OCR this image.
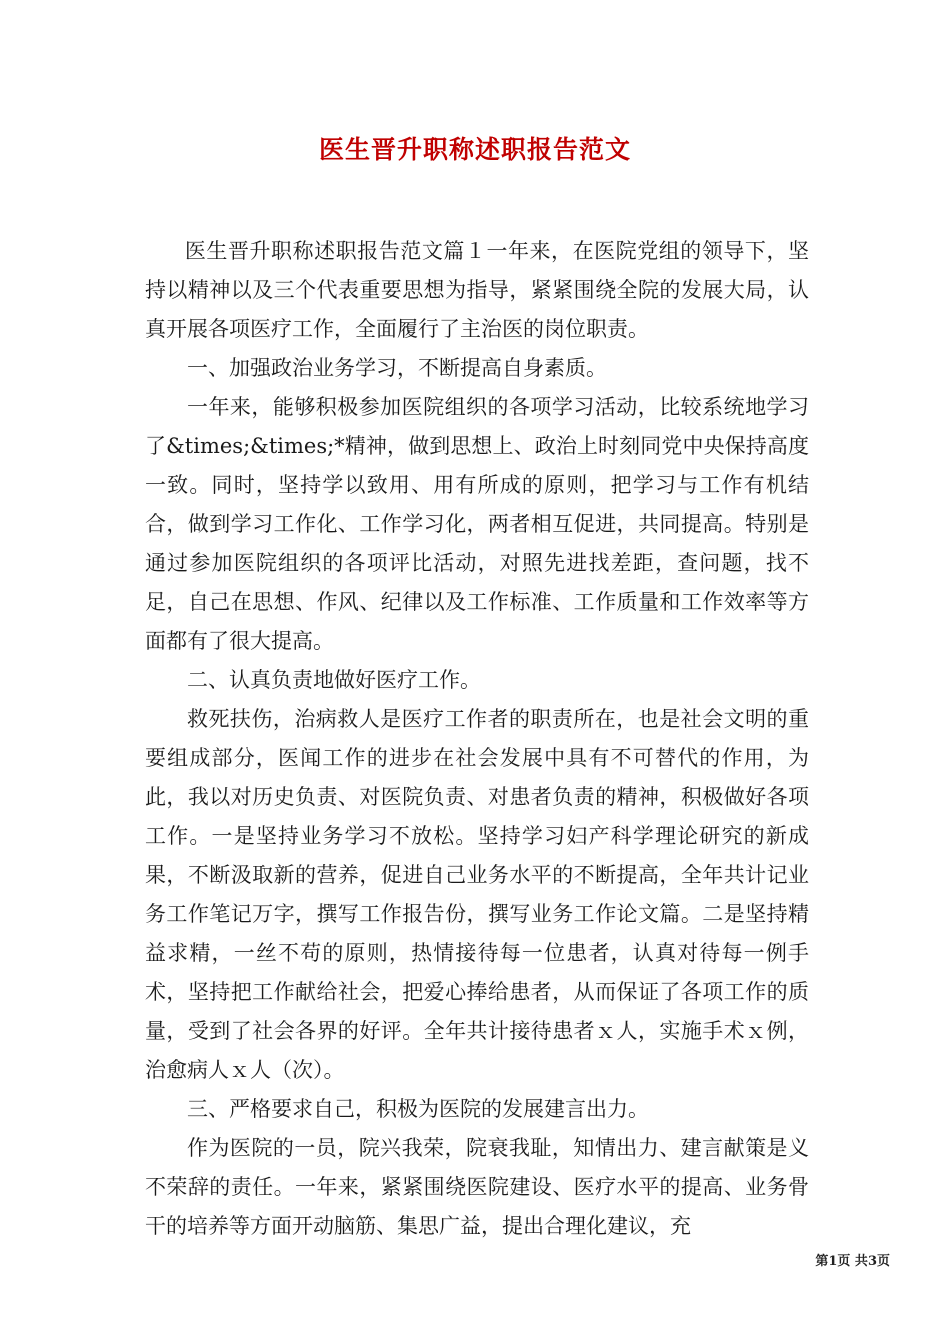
医生晋升职称述职报告范文

医生晋升职称述职报告范文篇１一年来，在医院党组的领导下，坚持以精神以及三个代表重要思想为指导，紧紧围绕全院的发展大局，认真开展各项医疗工作，全面履行了主治医的岗位职责。

一、加强政治业务学习，不断提高自身素质。

一年来，能够积极参加医院组织的各项学习活动，比较系统地学习了&times;&times;*精神，做到思想上、政治上时刻同党中央保持高度一致。同时，坚持学以致用、用有所成的原则，把学习与工作有机结合，做到学习工作化、工作学习化，两者相互促进，共同提高。特别是通过参加医院组织的各项评比活动，对照先进找差距，查问题，找不足，自己在思想、作风、纪律以及工作标准、工作质量和工作效率等方面都有了很大提高。

二、认真负责地做好医疗工作。

救死扶伤，治病救人是医疗工作者的职责所在，也是社会文明的重要组成部分，医闻工作的进步在社会发展中具有不可替代的作用，为此，我以对历史负责、对医院负责、对患者负责的精神，积极做好各项工作。一是坚持业务学习不放松。坚持学习妇产科学理论研究的新成果，不断汲取新的营养，促进自己业务水平的不断提高，全年共计记业务工作笔记万字，撰写工作报告份，撰写业务工作论文篇。二是坚持精益求精，一丝不苟的原则，热情接待每一位患者，认真对待每一例手术，坚持把工作献给社会，把爱心捧给患者，从而保证了各项工作的质量，受到了社会各界的好评。全年共计接待患者ｘ人，实施手术ｘ例，治愈病人ｘ人（次）。

三、严格要求自己，积极为医院的发展建言出力。

作为医院的一员，院兴我荣，院衰我耻，知情出力、建言献策是义不荣辞的责任。一年来，紧紧围绕医院建设、医疗水平的提高、业务骨干的培养等方面开动脑筋、集思广益，提出合理化建议，充

第1页 共3页
